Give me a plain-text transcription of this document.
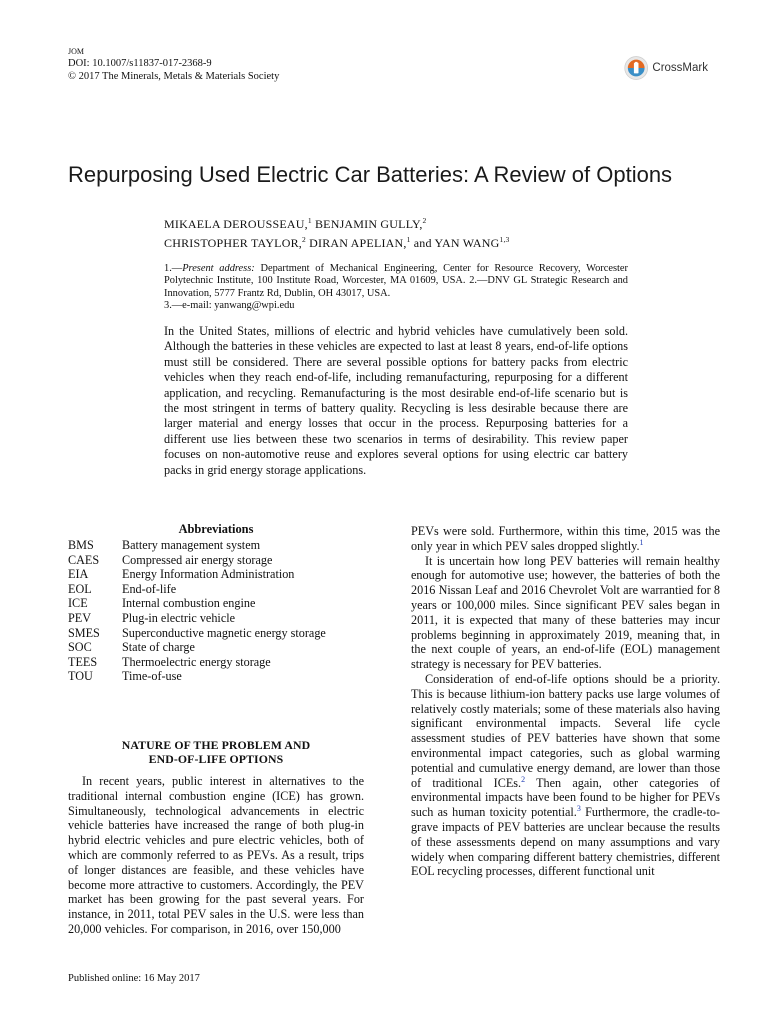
JOM
DOI: 10.1007/s11837-017-2368-9
© 2017 The Minerals, Metals & Materials Society
CrossMark
Repurposing Used Electric Car Batteries: A Review of Options
MIKAELA DEROUSSEAU,$^1$ BENJAMIN GULLY,$^2$
CHRISTOPHER TAYLOR,$^2$ DIRAN APELIAN,$^1$ and YAN WANG$^{1,3}$
1.—Present address: Department of Mechanical Engineering, Center for Resource Recovery, Worcester Polytechnic Institute, 100 Institute Road, Worcester, MA 01609, USA. 2.—DNV GL Strategic Research and Innovation, 5777 Frantz Rd, Dublin, OH 43017, USA.
3.—e-mail: yanwang@wpi.edu

In the United States, millions of electric and hybrid vehicles have cumulatively been sold. Although the batteries in these vehicles are expected to last at least 8 years, end-of-life options must still be considered. There are several possible options for battery packs from electric vehicles when they reach end-of-life, including remanufacturing, repurposing for a different application, and recycling. Remanufacturing is the most desirable end-of-life scenario but is the most stringent in terms of battery quality. Recycling is less desirable because there are larger material and energy losses that occur in the process. Repurposing batteries for a different use lies between these two scenarios in terms of desirability. This review paper focuses on non-automotive reuse and explores several options for using electric car battery packs in grid energy storage applications.

Abbreviations
BMS	Battery management system
CAES	Compressed air energy storage
EIA	Energy Information Administration
EOL	End-of-life
ICE	Internal combustion engine
PEV	Plug-in electric vehicle
SMES	Superconductive magnetic energy storage
SOC	State of charge
TEES	Thermoelectric energy storage
TOU	Time-of-use
NATURE OF THE PROBLEM AND
END-OF-LIFE OPTIONS

In recent years, public interest in alternatives to the traditional internal combustion engine (ICE) has grown. Simultaneously, technological advancements in electric vehicle batteries have increased the range of both plug-in hybrid electric vehicles and pure electric vehicles, both of which are commonly referred to as PEVs. As a result, trips of longer distances are feasible, and these vehicles have become more attractive to customers. Accordingly, the PEV market has been growing for the past several years. For instance, in 2011, total PEV sales in the U.S. were less than 20,000 vehicles. For comparison, in 2016, over 150,000

PEVs were sold. Furthermore, within this time, 2015 was the only year in which PEV sales dropped slightly.$^1$

It is uncertain how long PEV batteries will remain healthy enough for automotive use; however, the batteries of both the 2016 Nissan Leaf and 2016 Chevrolet Volt are warrantied for 8 years or 100,000 miles. Since significant PEV sales began in 2011, it is expected that many of these batteries may incur problems beginning in approximately 2019, meaning that, in the next couple of years, an end-of-life (EOL) management strategy is necessary for PEV batteries.

Consideration of end-of-life options should be a priority. This is because lithium-ion battery packs use large volumes of relatively costly materials; some of these materials also having significant environmental impacts. Several life cycle assessment studies of PEV batteries have shown that some environmental impact categories, such as global warming potential and cumulative energy demand, are lower than those of traditional ICEs.$^2$ Then again, other categories of environmental impacts have been found to be higher for PEVs such as human toxicity potential.$^3$ Furthermore, the cradle-to-grave impacts of PEV batteries are unclear because the results of these assessments depend on many assumptions and vary widely when comparing different battery chemistries, different EOL recycling processes, different functional unit

Published online: 16 May 2017
